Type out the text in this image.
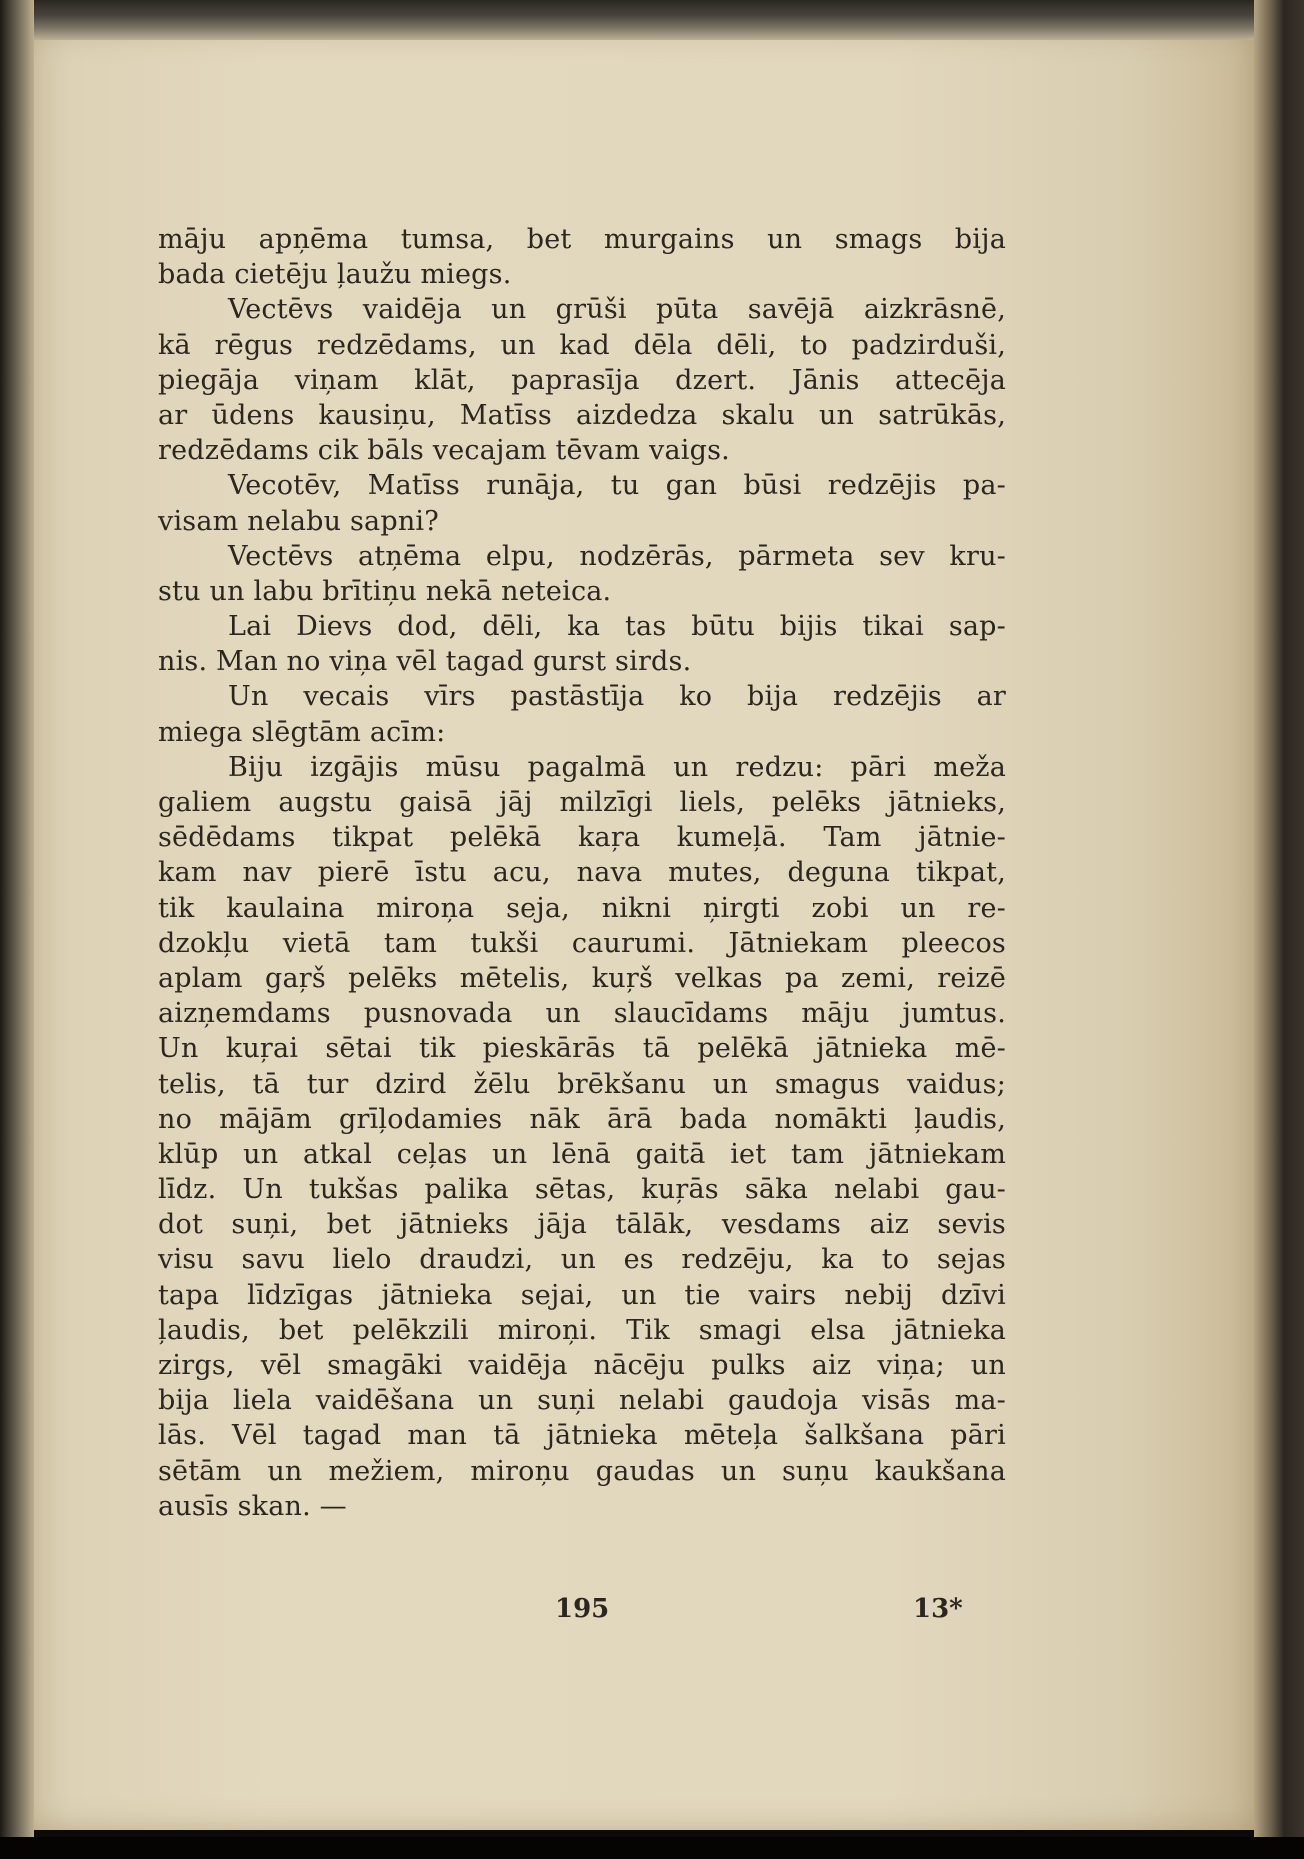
māju apņēma tumsa, bet murgains un smags bija
bada cietēju ļaužu miegs.
Vectēvs vaidēja un grūši pūta savējā aizkrāsnē,
kā rēgus redzēdams, un kad dēla dēli, to padzirduši,
piegāja viņam klāt, paprasīja dzert. Jānis attecēja
ar ūdens kausiņu, Matīss aizdedza skalu un satrūkās,
redzēdams cik bāls vecajam tēvam vaigs.
Vecotēv, Matīss runāja, tu gan būsi redzējis pa-
visam nelabu sapni?
Vectēvs atņēma elpu, nodzērās, pārmeta sev kru-
stu un labu brītiņu nekā neteica.
Lai Dievs dod, dēli, ka tas būtu bijis tikai sap-
nis. Man no viņa vēl tagad gurst sirds.
Un vecais vīrs pastāstīja ko bija redzējis ar
miega slēgtām acīm:
Biju izgājis mūsu pagalmā un redzu: pāri meža
galiem augstu gaisā jāj milzīgi liels, pelēks jātnieks,
sēdēdams tikpat pelēkā kaŗa kumeļā. Tam jātnie-
kam nav pierē īstu acu, nava mutes, deguna tikpat,
tik kaulaina miroņa seja, nikni ņirgti zobi un re-
dzokļu vietā tam tukši caurumi. Jātniekam pleecos
aplam gaŗš pelēks mētelis, kuŗš velkas pa zemi, reizē
aizņemdams pusnovada un slaucīdams māju jumtus.
Un kuŗai sētai tik pieskārās tā pelēkā jātnieka mē-
telis, tā tur dzird žēlu brēkšanu un smagus vaidus;
no mājām grīļodamies nāk ārā bada nomākti ļaudis,
klūp un atkal ceļas un lēnā gaitā iet tam jātniekam
līdz. Un tukšas palika sētas, kuŗās sāka nelabi gau-
dot suņi, bet jātnieks jāja tālāk, vesdams aiz sevis
visu savu lielo draudzi, un es redzēju, ka to sejas
tapa līdzīgas jātnieka sejai, un tie vairs nebij dzīvi
ļaudis, bet pelēkzili miroņi. Tik smagi elsa jātnieka
zirgs, vēl smagāki vaidēja nācēju pulks aiz viņa; un
bija liela vaidēšana un suņi nelabi gaudoja visās ma-
lās. Vēl tagad man tā jātnieka mēteļa šalkšana pāri
sētām un mežiem, miroņu gaudas un suņu kaukšana
ausīs skan. —
195	13*
